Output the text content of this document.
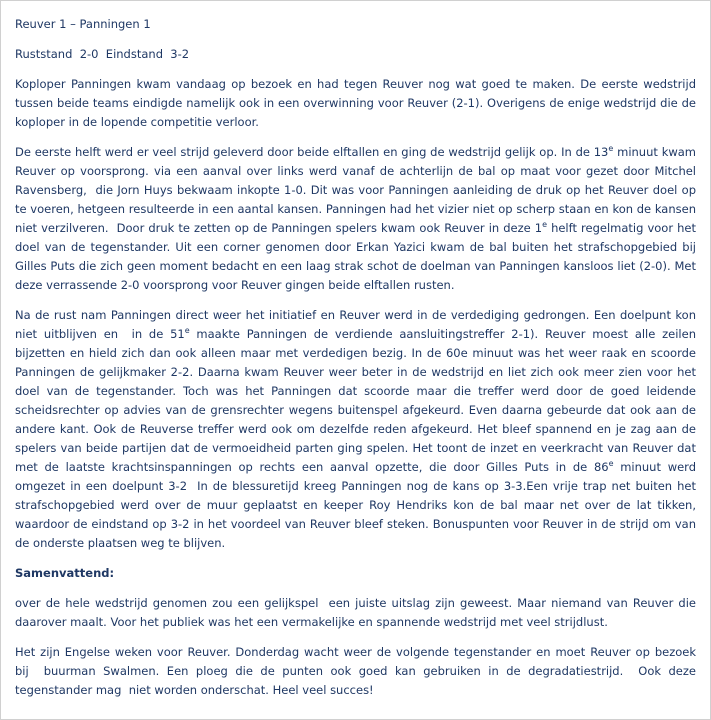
Reuver 1 – Panningen 1

Ruststand  2-0  Eindstand  3-2

Koploper Panningen kwam vandaag op bezoek en had tegen Reuver nog wat goed te maken. De eerste wedstrijd tussen beide teams eindigde namelijk ook in een overwinning voor Reuver (2-1). Overigens de enige wedstrijd die de koploper in de lopende competitie verloor.

De eerste helft werd er veel strijd geleverd door beide elftallen en ging de wedstrijd gelijk op. In de 13e minuut kwam Reuver op voorsprong. via een aanval over links werd vanaf de achterlijn de bal op maat voor gezet door Mitchel  Ravensberg,  die Jorn Huys bekwaam inkopte 1-0. Dit was voor Panningen aanleiding de druk op het Reuver doel op te voeren, hetgeen resulteerde in een aantal kansen. Panningen had het vizier niet op scherp staan en kon de kansen niet verzilveren.  Door druk te zetten op de Panningen spelers kwam ook Reuver in deze 1e helft regelmatig voor het doel van de tegenstander. Uit een corner genomen door Erkan Yazici kwam de bal buiten het strafschopgebied bij Gilles Puts die zich geen moment bedacht en een laag strak schot de doelman van Panningen kansloos liet (2-0). Met deze verrassende 2-0 voorsprong voor Reuver gingen beide elftallen rusten.

Na de rust nam Panningen direct weer het initiatief en Reuver werd in de verdediging gedrongen. Een doelpunt kon niet uitblijven en  in de 51e maakte Panningen de verdiende aansluitingstreffer 2-1). Reuver moest alle zeilen bijzetten en hield zich dan ook alleen maar met verdedigen bezig. In de 60e minuut was het weer raak en scoorde Panningen de gelijkmaker 2-2. Daarna kwam Reuver weer beter in de wedstrijd en liet zich ook meer zien voor het doel van de tegenstander. Toch was het Panningen dat scoorde maar die treffer werd door de goed leidende scheidsrechter op advies van de grensrechter wegens buitenspel afgekeurd. Even daarna gebeurde dat ook aan de andere kant. Ook de Reuverse treffer werd ook om dezelfde reden afgekeurd. Het bleef spannend en je zag aan de spelers van beide partijen dat de vermoeidheid parten ging spelen. Het toont de inzet en veerkracht van Reuver dat met de laatste krachtsinspanningen op rechts een aanval opzette, die door Gilles Puts in de 86e minuut werd omgezet in een doelpunt 3-2  In de blessuretijd kreeg Panningen nog de kans op 3-3.Een vrije trap net buiten het strafschopgebied werd over de muur geplaatst en keeper Roy Hendriks kon de bal maar net over de lat tikken, waardoor de eindstand op 3-2 in het voordeel van Reuver bleef steken. Bonuspunten voor Reuver in de strijd om van de onderste plaatsen weg te blijven.

Samenvattend:

over de hele wedstrijd genomen zou een gelijkspel  een juiste uitslag zijn geweest. Maar niemand van Reuver die daarover maalt. Voor het publiek was het een vermakelijke en spannende wedstrijd met veel strijdlust.

Het zijn Engelse weken voor Reuver. Donderdag wacht weer de volgende tegenstander en moet Reuver op bezoek  bij  buurman Swalmen. Een ploeg die de punten ook goed kan gebruiken in de degradatiestrijd.  Ook deze tegenstander mag  niet worden onderschat. Heel veel succes!
